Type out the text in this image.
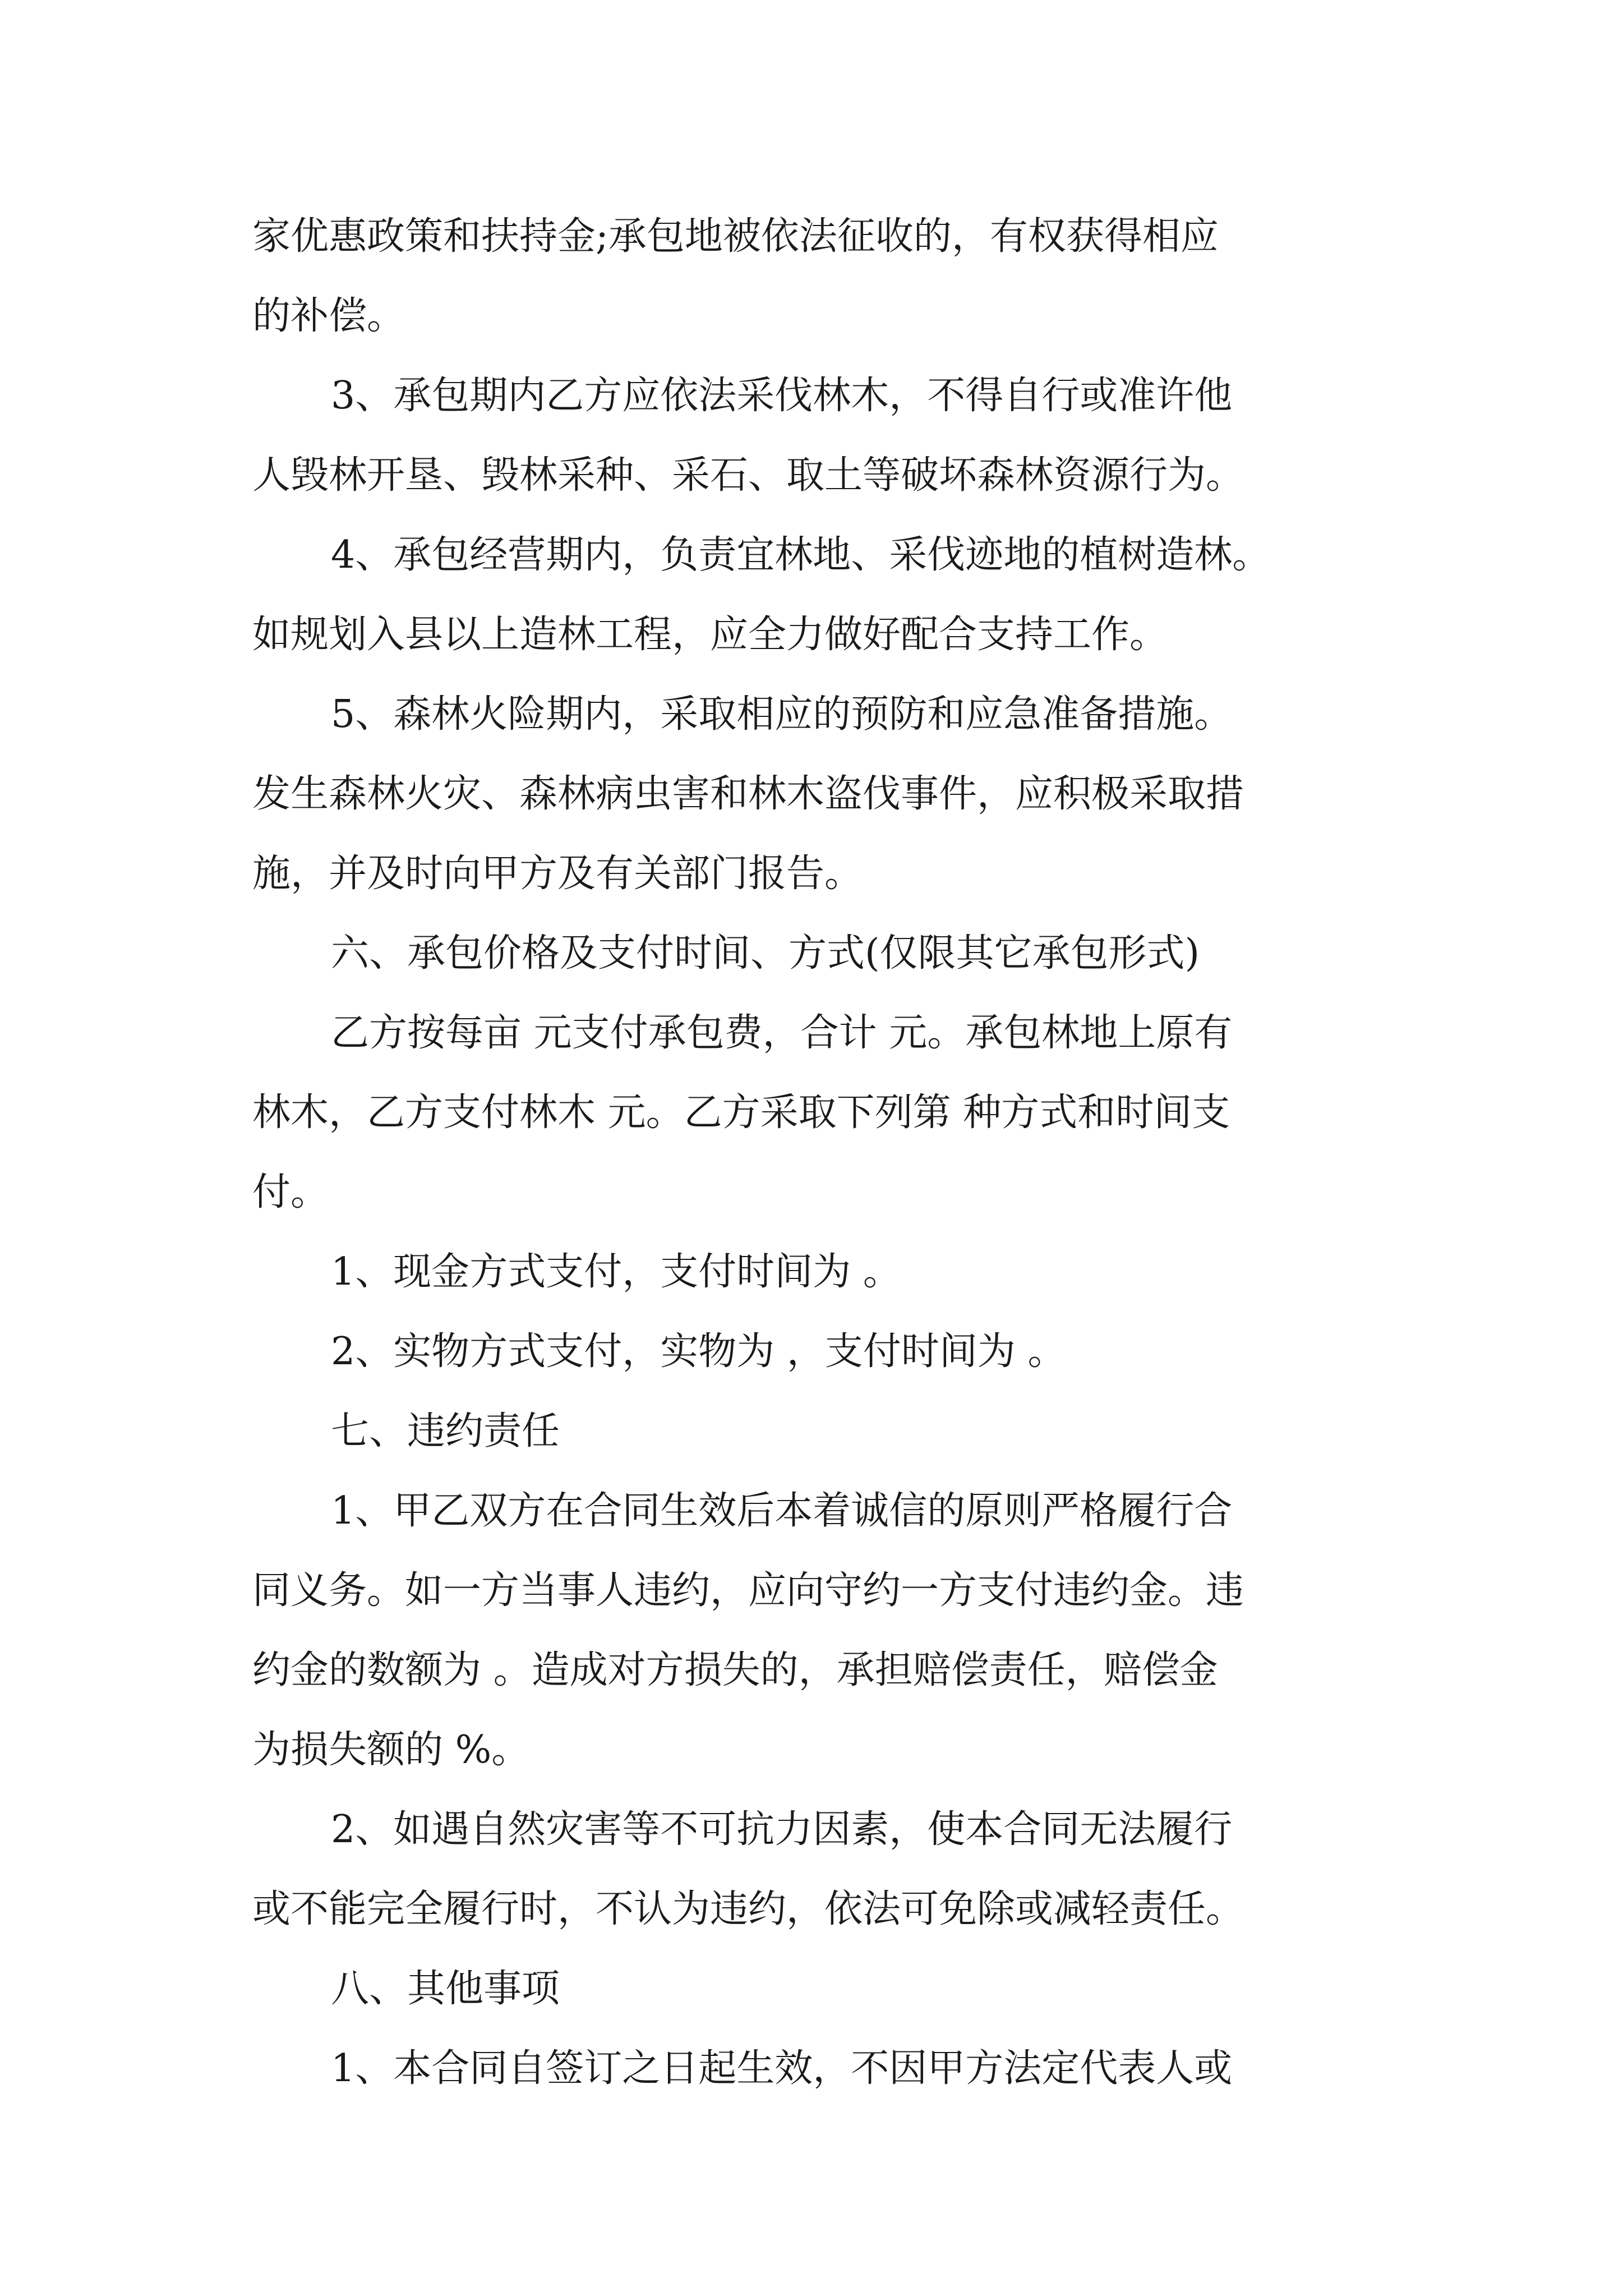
家优惠政策和扶持金;承包地被依法征收的，有权获得相应
的补偿。
3、承包期内乙方应依法采伐林木，不得自行或准许他
人毁林开垦、毁林采种、采石、取土等破坏森林资源行为。
4、承包经营期内，负责宜林地、采伐迹地的植树造林。
如规划入县以上造林工程，应全力做好配合支持工作。
5、森林火险期内，采取相应的预防和应急准备措施。
发生森林火灾、森林病虫害和林木盗伐事件，应积极采取措
施，并及时向甲方及有关部门报告。
六、承包价格及支付时间、方式(仅限其它承包形式)
乙方按每亩 元支付承包费，合计 元。承包林地上原有
林木，乙方支付林木 元。乙方采取下列第 种方式和时间支
付。
1、现金方式支付，支付时间为 。
2、实物方式支付，实物为 ，支付时间为 。
七、违约责任
1、甲乙双方在合同生效后本着诚信的原则严格履行合
同义务。如一方当事人违约，应向守约一方支付违约金。违
约金的数额为 。造成对方损失的，承担赔偿责任，赔偿金
为损失额的 %。
2、如遇自然灾害等不可抗力因素，使本合同无法履行
或不能完全履行时，不认为违约，依法可免除或减轻责任。
八、其他事项
1、本合同自签订之日起生效，不因甲方法定代表人或
